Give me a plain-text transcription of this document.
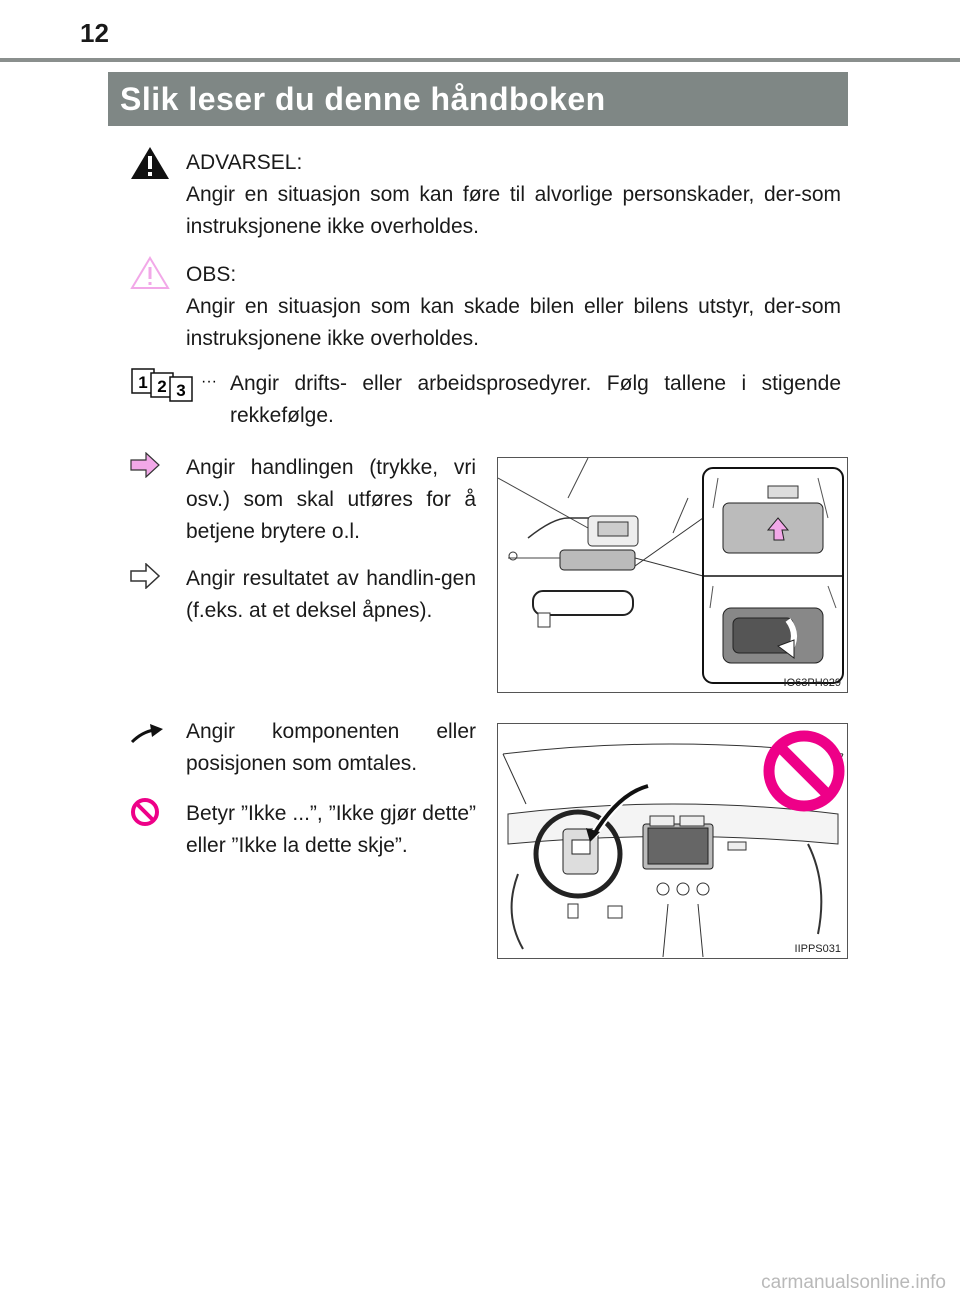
12
Slik leser du denne håndboken

ADVARSEL:

Angir en situasjon som kan føre til alvorlige personskader, der-som instruksjonene ikke overholdes.

OBS:

Angir en situasjon som kan skade bilen eller bilens utstyr, der-som instruksjonene ikke overholdes.

1 2 3 ··· Angir drifts- eller arbeidsprosedyrer. Følg tallene i stigende rekkefølge.

Angir handlingen (trykke, vri osv.) som skal utføres for å betjene brytere o.l.

Angir resultatet av handlin-gen (f.eks. at et deksel åpnes).

Angir komponenten eller posisjonen som omtales.

Betyr ”Ikke ...”, ”Ikke gjør dette” eller ”Ikke la dette skje”.

IO63PH029
IIPPS031
carmanualsonline.info
